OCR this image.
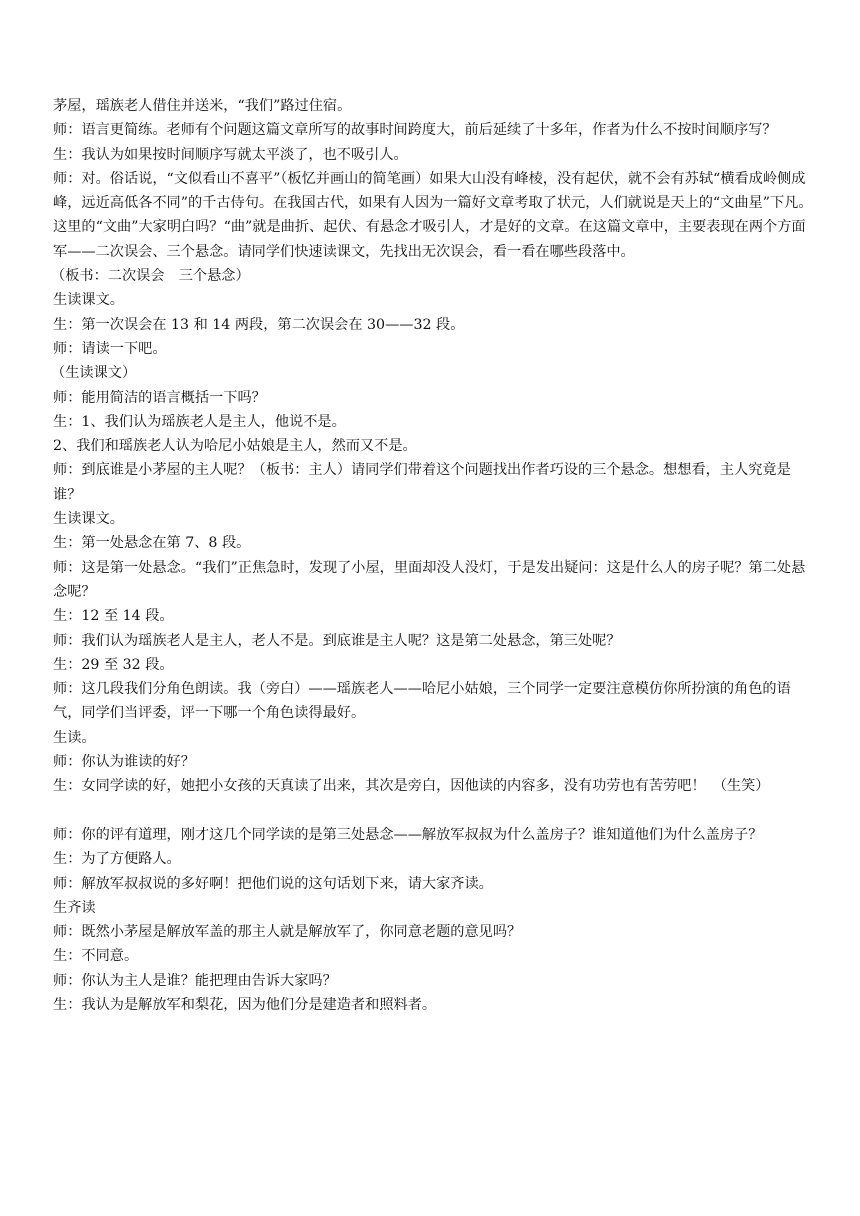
茅屋，瑶族老人借住并送米，“我们”路过住宿。

师：语言更简练。老师有个问题这篇文章所写的故事时间跨度大，前后延续了十多年，作者为什么不按时间顺序写？

生：我认为如果按时间顺序写就太平淡了，也不吸引人。

师：对。俗话说，“文似看山不喜平”（板忆并画山的简笔画）如果大山没有峰棱，没有起伏，就不会有苏轼“横看成岭侧成峰，远近高低各不同”的千古侍句。在我国古代，如果有人因为一篇好文章考取了状元，人们就说是天上的“文曲星”下凡。这里的“文曲”大家明白吗？“曲”就是曲折、起伏、有悬念才吸引人，才是好的文章。在这篇文章中，主要表现在两个方面军——二次误会、三个悬念。请同学们快速读课文，先找出无次误会，看一看在哪些段落中。

（板书：二次误会　三个悬念）

生读课文。

生：第一次误会在 13 和 14 两段，第二次误会在 30——32 段。

师：请读一下吧。

（生读课文）

师：能用简洁的语言概括一下吗？

生：1、我们认为瑶族老人是主人，他说不是。

2、我们和瑶族老人认为哈尼小姑娘是主人，然而又不是。

师：到底谁是小茅屋的主人呢？（板书：主人）请同学们带着这个问题找出作者巧设的三个悬念。想想看，主人究竟是谁？

生读课文。

生：第一处悬念在第 7、8 段。

师：这是第一处悬念。“我们”正焦急时，发现了小屋，里面却没人没灯，于是发出疑问：这是什么人的房子呢？第二处悬念呢？

生：12 至 14 段。

师：我们认为瑶族老人是主人，老人不是。到底谁是主人呢？这是第二处悬念，第三处呢？

生：29 至 32 段。

师：这几段我们分角色朗读。我（旁白）——瑶族老人——哈尼小姑娘，三个同学一定要注意模仿你所扮演的角色的语气，同学们当评委，评一下哪一个角色读得最好。

生读。

师：你认为谁读的好？

生：女同学读的好，她把小女孩的天真读了出来，其次是旁白，因他读的内容多，没有功劳也有苦劳吧！　（生笑）

师：你的评有道理，刚才这几个同学读的是第三处悬念——解放军叔叔为什么盖房子？谁知道他们为什么盖房子？

生：为了方便路人。

师：解放军叔叔说的多好啊！把他们说的这句话划下来，请大家齐读。

生齐读

师：既然小茅屋是解放军盖的那主人就是解放军了，你同意老题的意见吗？

生：不同意。

师：你认为主人是谁？能把理由告诉大家吗？

生：我认为是解放军和梨花，因为他们分是建造者和照料者。
